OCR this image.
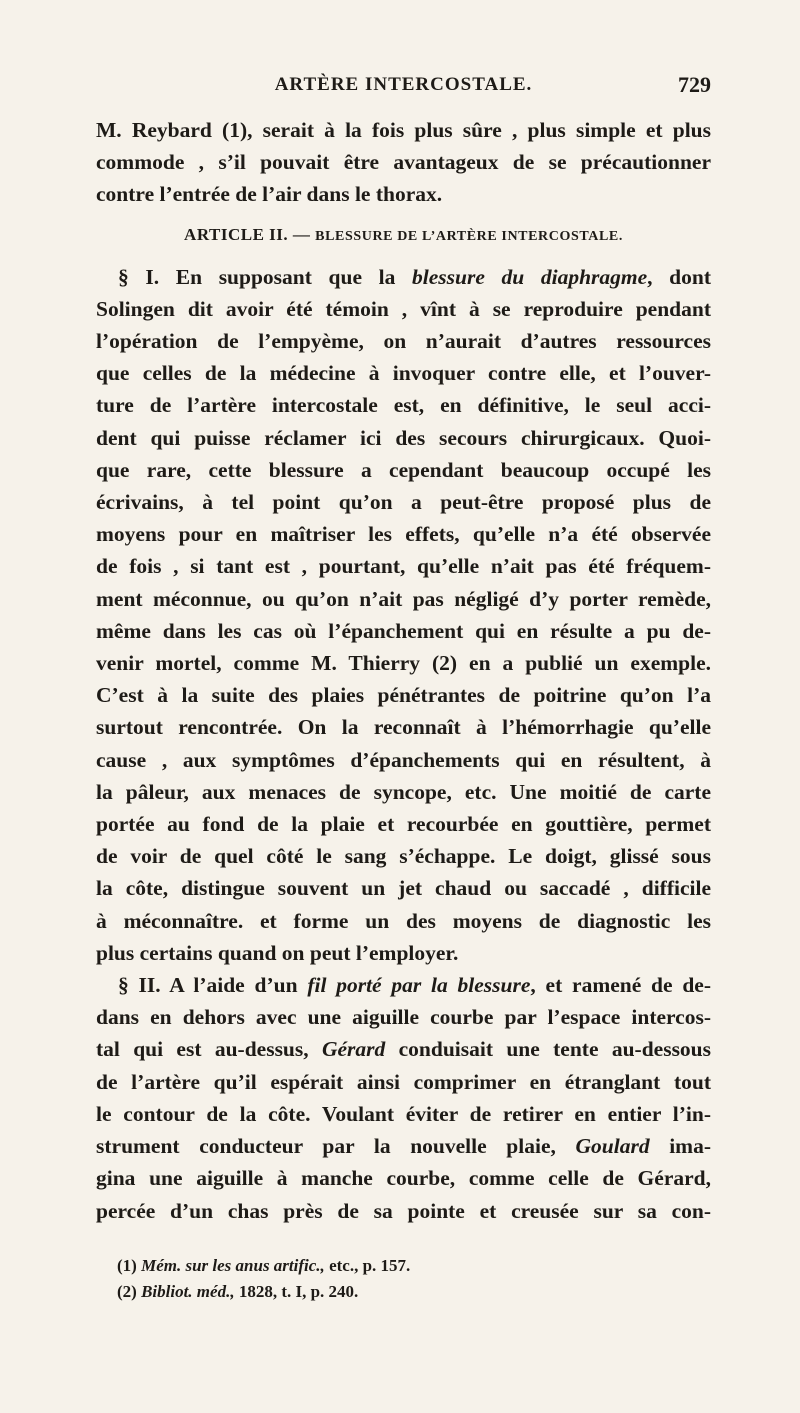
ARTÈRE INTERCOSTALE.	729
M. Reybard (1), serait à la fois plus sûre , plus simple et plus
commode , s’il pouvait être avantageux de se précautionner
contre l’entrée de l’air dans le thorax.
ARTICLE II. — BLESSURE DE L’ARTÈRE INTERCOSTALE.
§ I. En supposant que la blessure du diaphragme, dont
Solingen dit avoir été témoin , vînt à se reproduire pendant
l’opération de l’empyème, on n’aurait d’autres ressources
que celles de la médecine à invoquer contre elle, et l’ouver-
ture de l’artère intercostale est, en définitive, le seul acci-
dent qui puisse réclamer ici des secours chirurgicaux. Quoi-
que rare, cette blessure a cependant beaucoup occupé les
écrivains, à tel point qu’on a peut-être proposé plus de
moyens pour en maîtriser les effets, qu’elle n’a été observée
de fois , si tant est , pourtant, qu’elle n’ait pas été fréquem-
ment méconnue, ou qu’on n’ait pas négligé d’y porter remède,
même dans les cas où l’épanchement qui en résulte a pu de-
venir mortel, comme M. Thierry (2) en a publié un exemple.
C’est à la suite des plaies pénétrantes de poitrine qu’on l’a
surtout rencontrée. On la reconnaît à l’hémorrhagie qu’elle
cause , aux symptômes d’épanchements qui en résultent, à
la pâleur, aux menaces de syncope, etc. Une moitié de carte
portée au fond de la plaie et recourbée en gouttière, permet
de voir de quel côté le sang s’échappe. Le doigt, glissé sous
la côte, distingue souvent un jet chaud ou saccadé , difficile
à méconnaître. et forme un des moyens de diagnostic les
plus certains quand on peut l’employer.
§ II. A l’aide d’un fil porté par la blessure, et ramené de de-
dans en dehors avec une aiguille courbe par l’espace intercos-
tal qui est au-dessus, Gérard conduisait une tente au-dessous
de l’artère qu’il espérait ainsi comprimer en étranglant tout
le contour de la côte. Voulant éviter de retirer en entier l’in-
strument conducteur par la nouvelle plaie, Goulard ima-
gina une aiguille à manche courbe, comme celle de Gérard,
percée d’un chas près de sa pointe et creusée sur sa con-
(1) Mém. sur les anus artific., etc., p. 157.
(2) Bibliot. méd., 1828, t. I, p. 240.
